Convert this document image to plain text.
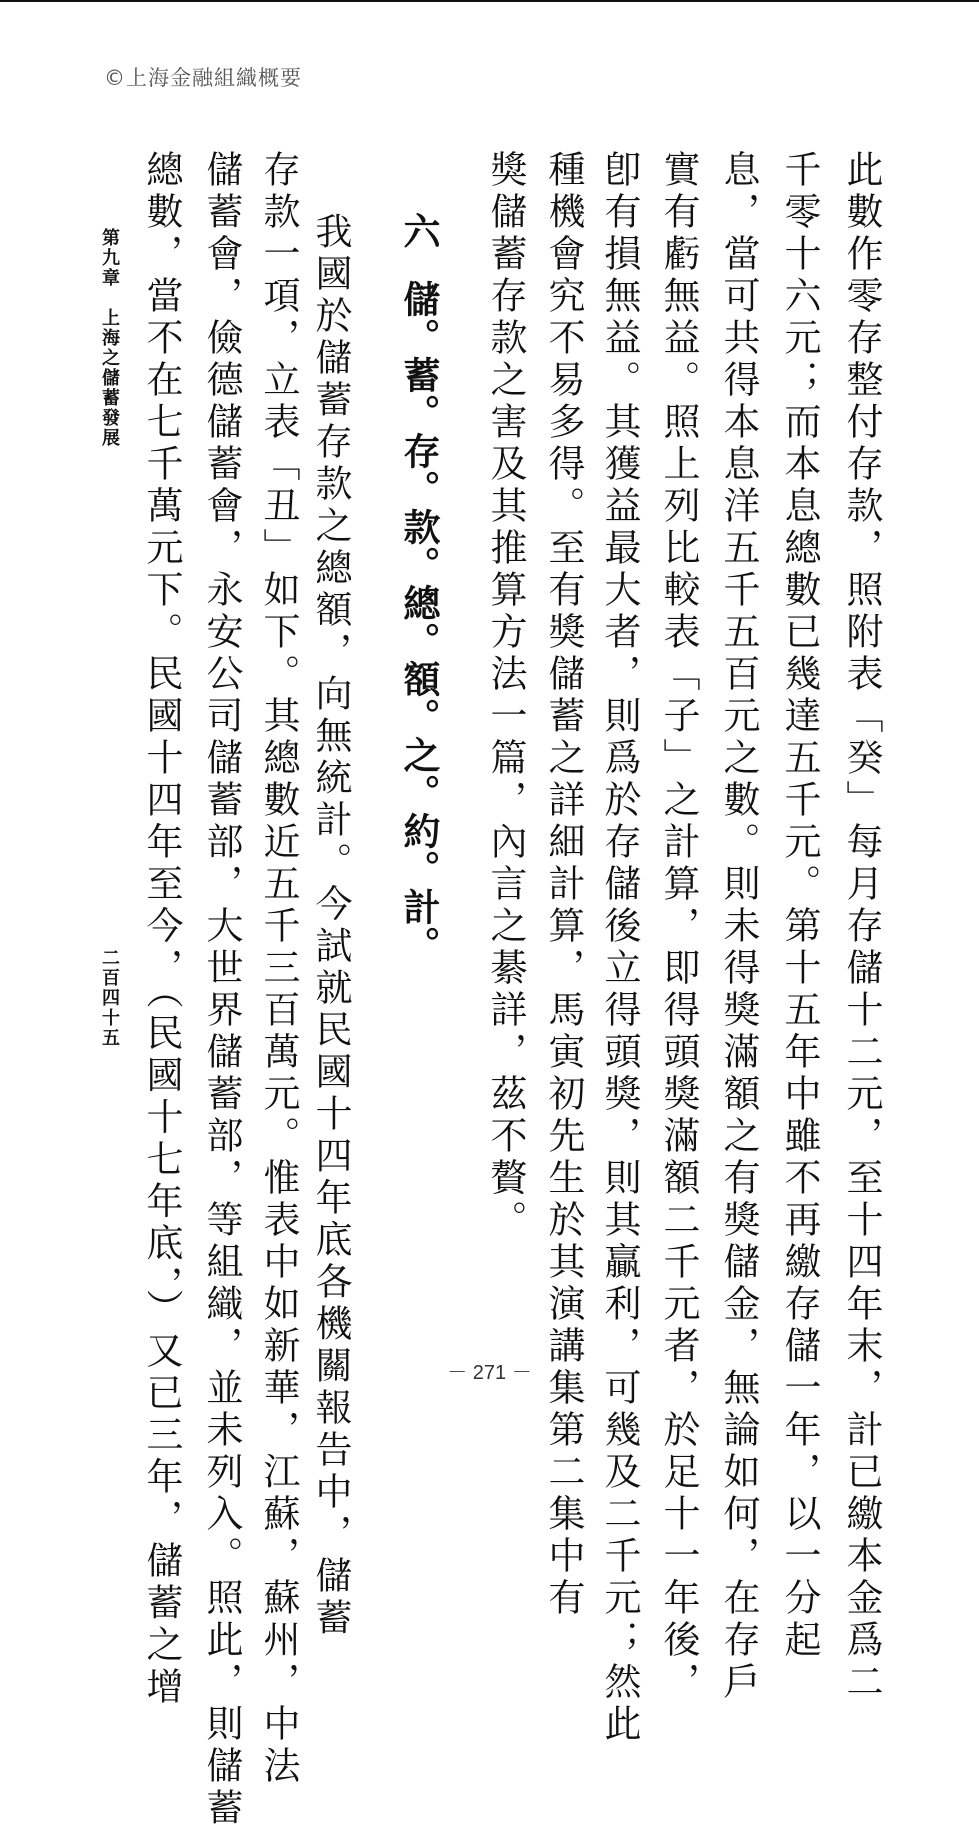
©上海金融組織概要
此數作零存整付存款，照附表「癸」每月存儲十二元，至十四年末，計已繳本金爲二
千零十六元；而本息總數已幾達五千元。第十五年中雖不再繳存儲一年，以一分起
息，當可共得本息洋五千五百元之數。則未得獎滿額之有獎儲金，無論如何，在存戶
實有虧無益。照上列比較表「子」之計算，即得頭獎滿額二千元者，於足十一年後，
卽有損無益。其獲益最大者，則爲於存儲後立得頭獎，則其贏利，可幾及二千元；然此
種機會究不易多得。至有獎儲蓄之詳細計算，馬寅初先生於其演講集第二集中有
獎儲蓄存款之害及其推算方法一篇，內言之綦詳，茲不贅。
六
儲。蓄。存。款。總。額。之。約。計。
我國於儲蓄存款之總額，向無統計。今試就民國十四年底各機關報告中，儲蓄
存款一項，立表「丑」如下。其總數近五千三百萬元。惟表中如新華，江蘇，蘇州，中法
儲蓄會，儉德儲蓄會，永安公司儲蓄部，大世界儲蓄部，等組織，並未列入。照此，則儲蓄
總數，當不在七千萬元下。民國十四年至今，（民國十七年底，）又已三年，儲蓄之增
第九章　上海之儲蓄發展
二百四十五
－ 271 －
